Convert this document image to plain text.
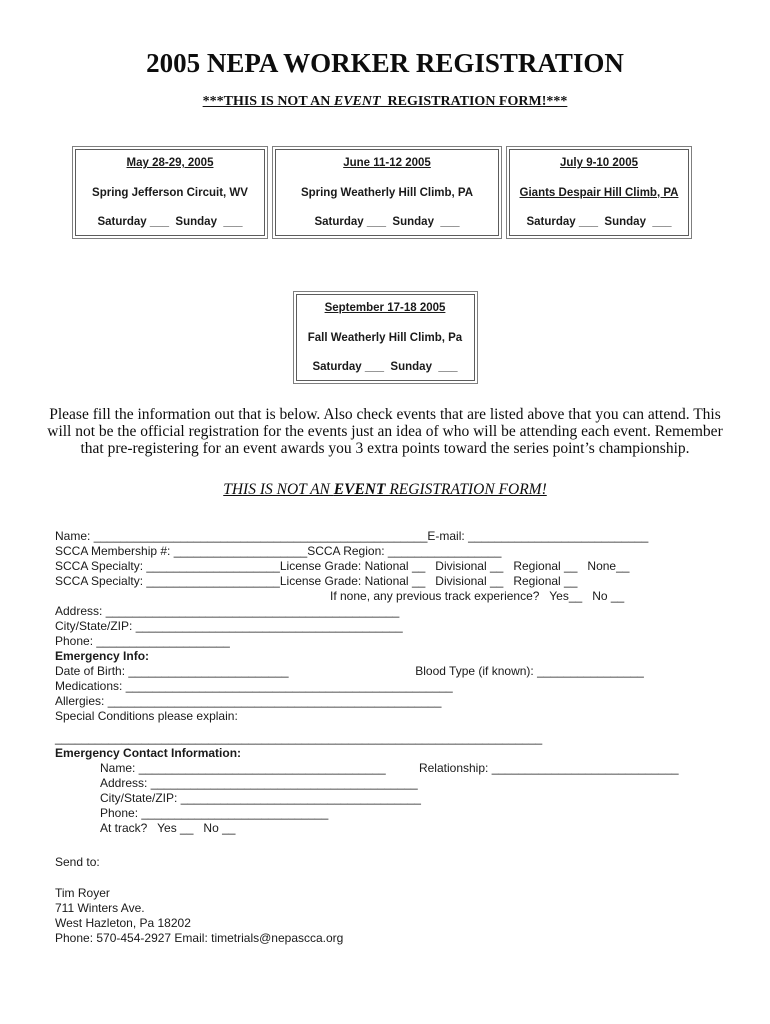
2005 NEPA WORKER REGISTRATION
***THIS IS NOT AN EVENT  REGISTRATION FORM!***
May 28-29, 2005
Spring Jefferson Circuit, WV
Saturday ___  Sunday  ___
June 11-12 2005
Spring Weatherly Hill Climb, PA
Saturday ___  Sunday  ___
July 9-10 2005
Giants Despair Hill Climb, PA
Saturday ___  Sunday  ___
September 17-18 2005
Fall Weatherly Hill Climb, Pa
Saturday ___  Sunday  ___

Please fill the information out that is below. Also check events that are listed above that you can attend. This will not be the official registration for the events just an idea of who will be attending each event. Remember that pre-registering for an event awards you 3 extra points toward the series point’s championship.

THIS IS NOT AN EVENT REGISTRATION FORM!
Name: __________________________________________________E-mail: ___________________________
SCCA Membership #: ____________________SCCA Region: _________________
SCCA Specialty: ____________________License Grade: National __   Divisional __   Regional __   None__
SCCA Specialty: ____________________License Grade: National __   Divisional __   Regional __
If none, any previous track experience?   Yes__   No __
Address: ____________________________________________
City/State/ZIP: ________________________________________
Phone: ____________________
Emergency Info:
Date of Birth: ________________________                                      Blood Type (if known): ________________
Medications: _________________________________________________
Allergies: __________________________________________________
Special Conditions please explain:
_________________________________________________________________________
Emergency Contact Information:
Name: _____________________________________          Relationship: ____________________________
Address: ________________________________________
City/State/ZIP: ____________________________________
Phone: ____________________________
At track?   Yes __   No __
Send to:
Tim Royer
711 Winters Ave.
West Hazleton, Pa 18202
Phone: 570-454-2927 Email: timetrials@nepascca.org
